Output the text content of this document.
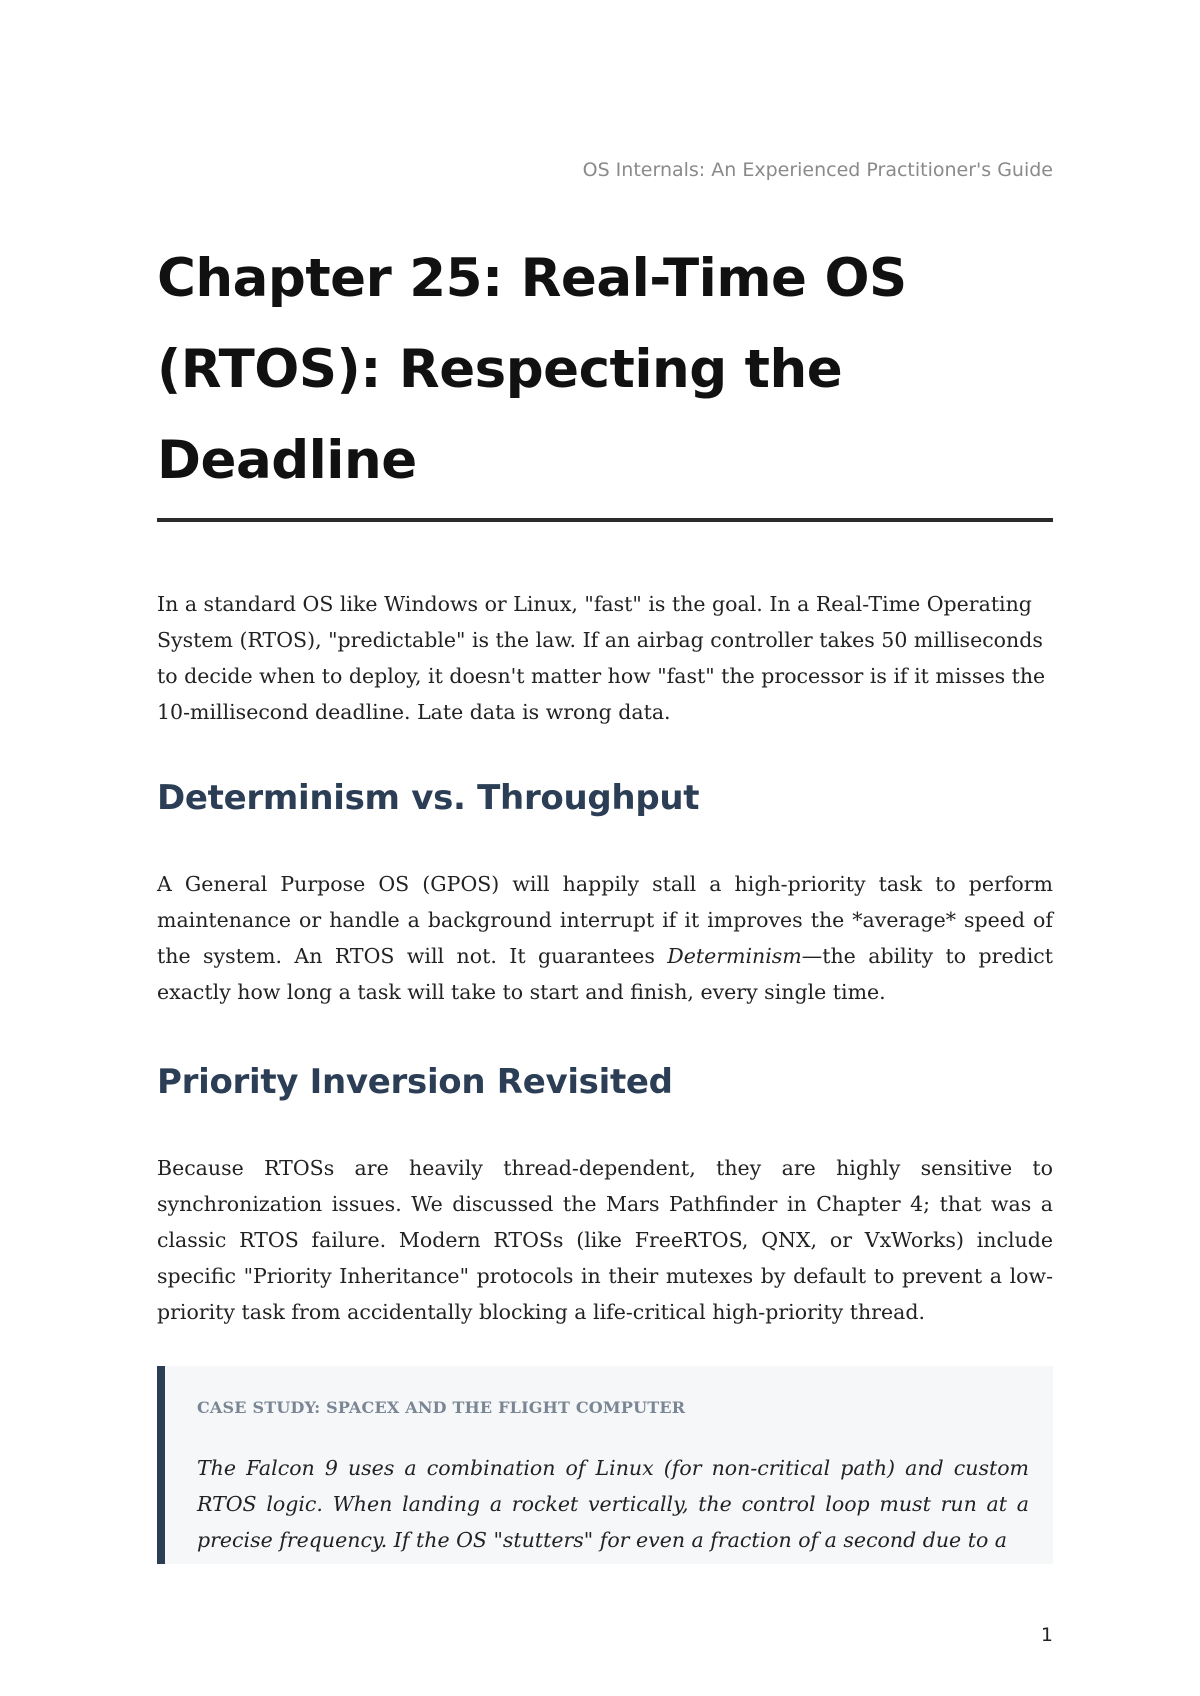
OS Internals: An Experienced Practitioner's Guide
Chapter 25: Real-Time OS
(RTOS): Respecting the
Deadline

In a standard OS like Windows or Linux, "fast" is the goal. In a Real-Time Operating System (RTOS), "predictable" is the law. If an airbag controller takes 50 milliseconds to decide when to deploy, it doesn't matter how "fast" the processor is if it misses the 10-millisecond deadline. Late data is wrong data.

Determinism vs. Throughput

A General Purpose OS (GPOS) will happily stall a high-priority task to perform maintenance or handle a background interrupt if it improves the *average* speed of the system. An RTOS will not. It guarantees Determinism—the ability to predict exactly how long a task will take to start and finish, every single time.

Priority Inversion Revisited

Because RTOSs are heavily thread-dependent, they are highly sensitive to synchronization issues. We discussed the Mars Pathfinder in Chapter 4; that was a classic RTOS failure. Modern RTOSs (like FreeRTOS, QNX, or VxWorks) include specific "Priority Inheritance" protocols in their mutexes by default to prevent a low-priority task from accidentally blocking a life-critical high-priority thread.

CASE STUDY: SPACEX AND THE FLIGHT COMPUTER

The Falcon 9 uses a combination of Linux (for non-critical path) and custom RTOS logic. When landing a rocket vertically, the control loop must run at a precise frequency. If the OS "stutters" for even a fraction of a second due to a

1
